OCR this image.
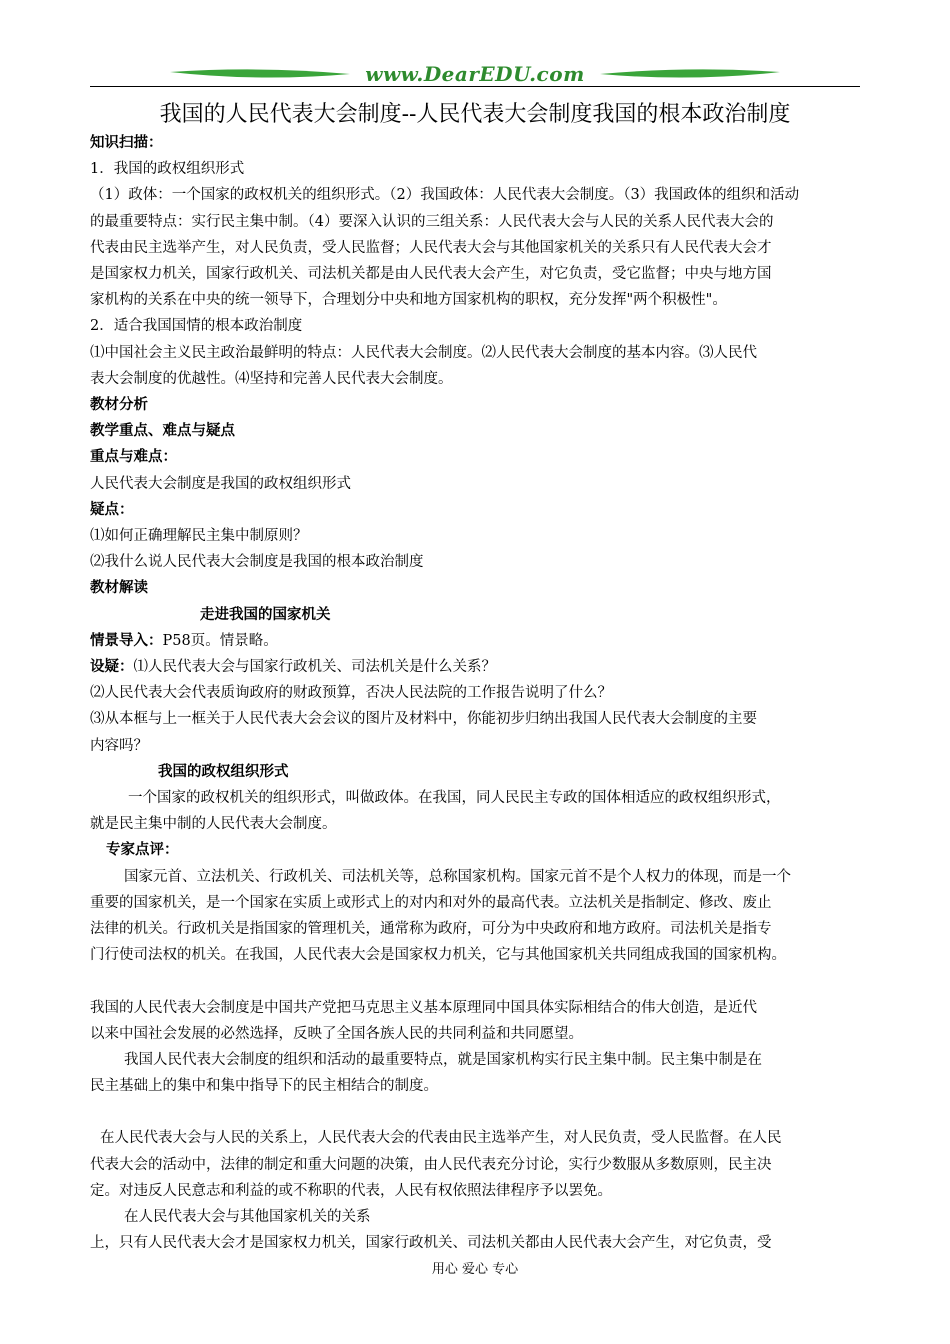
www.DearEDU.com
我国的人民代表大会制度--人民代表大会制度我国的根本政治制度

知识扫描：

1．我国的政权组织形式

（1）政体：一个国家的政权机关的组织形式。（2）我国政体：人民代表大会制度。（3）我国政体的组织和活动

的最重要特点：实行民主集中制。（4）要深入认识的三组关系：人民代表大会与人民的关系人民代表大会的

代表由民主选举产生，对人民负责，受人民监督；人民代表大会与其他国家机关的关系只有人民代表大会才

是国家权力机关，国家行政机关、司法机关都是由人民代表大会产生，对它负责，受它监督；中央与地方国

家机构的关系在中央的统一领导下，合理划分中央和地方国家机构的职权，充分发挥"两个积极性"。

2．适合我国国情的根本政治制度

⑴中国社会主义民主政治最鲜明的特点：人民代表大会制度。⑵人民代表大会制度的基本内容。⑶人民代

表大会制度的优越性。⑷坚持和完善人民代表大会制度。

教材分析

教学重点、难点与疑点

重点与难点：

人民代表大会制度是我国的政权组织形式

疑点：

⑴如何正确理解民主集中制原则？

⑵我什么说人民代表大会制度是我国的根本政治制度

教材解读

走进我国的国家机关

情景导入：P58页。情景略。

设疑：⑴人民代表大会与国家行政机关、司法机关是什么关系？

⑵人民代表大会代表质询政府的财政预算，否决人民法院的工作报告说明了什么？

⑶从本框与上一框关于人民代表大会会议的图片及材料中，你能初步归纳出我国人民代表大会制度的主要

内容吗？

我国的政权组织形式

一个国家的政权机关的组织形式，叫做政体。在我国，同人民民主专政的国体相适应的政权组织形式，

就是民主集中制的人民代表大会制度。

专家点评：

国家元首、立法机关、行政机关、司法机关等，总称国家机构。国家元首不是个人权力的体现，而是一个

重要的国家机关，是一个国家在实质上或形式上的对内和对外的最高代表。立法机关是指制定、修改、废止

法律的机关。行政机关是指国家的管理机关，通常称为政府，可分为中央政府和地方政府。司法机关是指专

门行使司法权的机关。在我国，人民代表大会是国家权力机关，它与其他国家机关共同组成我国的国家机构。

我国的人民代表大会制度是中国共产党把马克思主义基本原理同中国具体实际相结合的伟大创造，是近代

以来中国社会发展的必然选择，反映了全国各族人民的共同利益和共同愿望。

我国人民代表大会制度的组织和活动的最重要特点，就是国家机构实行民主集中制。民主集中制是在

民主基础上的集中和集中指导下的民主相结合的制度。

在人民代表大会与人民的关系上，人民代表大会的代表由民主选举产生，对人民负责，受人民监督。在人民

代表大会的活动中，法律的制定和重大问题的决策，由人民代表充分讨论，实行少数服从多数原则，民主决

定。对违反人民意志和利益的或不称职的代表，人民有权依照法律程序予以罢免。

在人民代表大会与其他国家机关的关系

上，只有人民代表大会才是国家权力机关，国家行政机关、司法机关都由人民代表大会产生，对它负责，受

用心 爱心 专心
